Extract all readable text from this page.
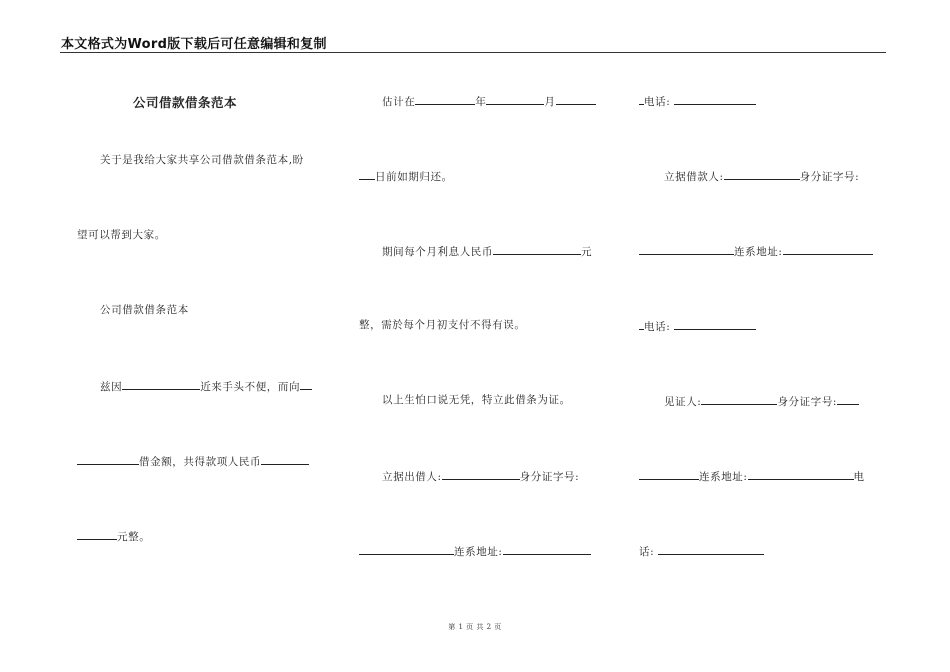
本文格式为Word版下载后可任意编辑和复制
公司借款借条范本
关于是我给大家共享公司借款借条范本,盼
望可以帮到大家。
公司借款借条范本
兹因	近来手头不便，而向
借金额，共得款项人民币
元整。
估计在	年	月
日前如期归还。
期间每个月利息人民币	元
整，需於每个月初支付不得有误。
以上生怕口说无凭，特立此借条为证。
立据出借人:	身分证字号:
连系地址:
电话:
立据借款人:	身分证字号:
连系地址:
电话:
见证人:	身分证字号:
连系地址:	电
话:
第 1 页 共 2 页
